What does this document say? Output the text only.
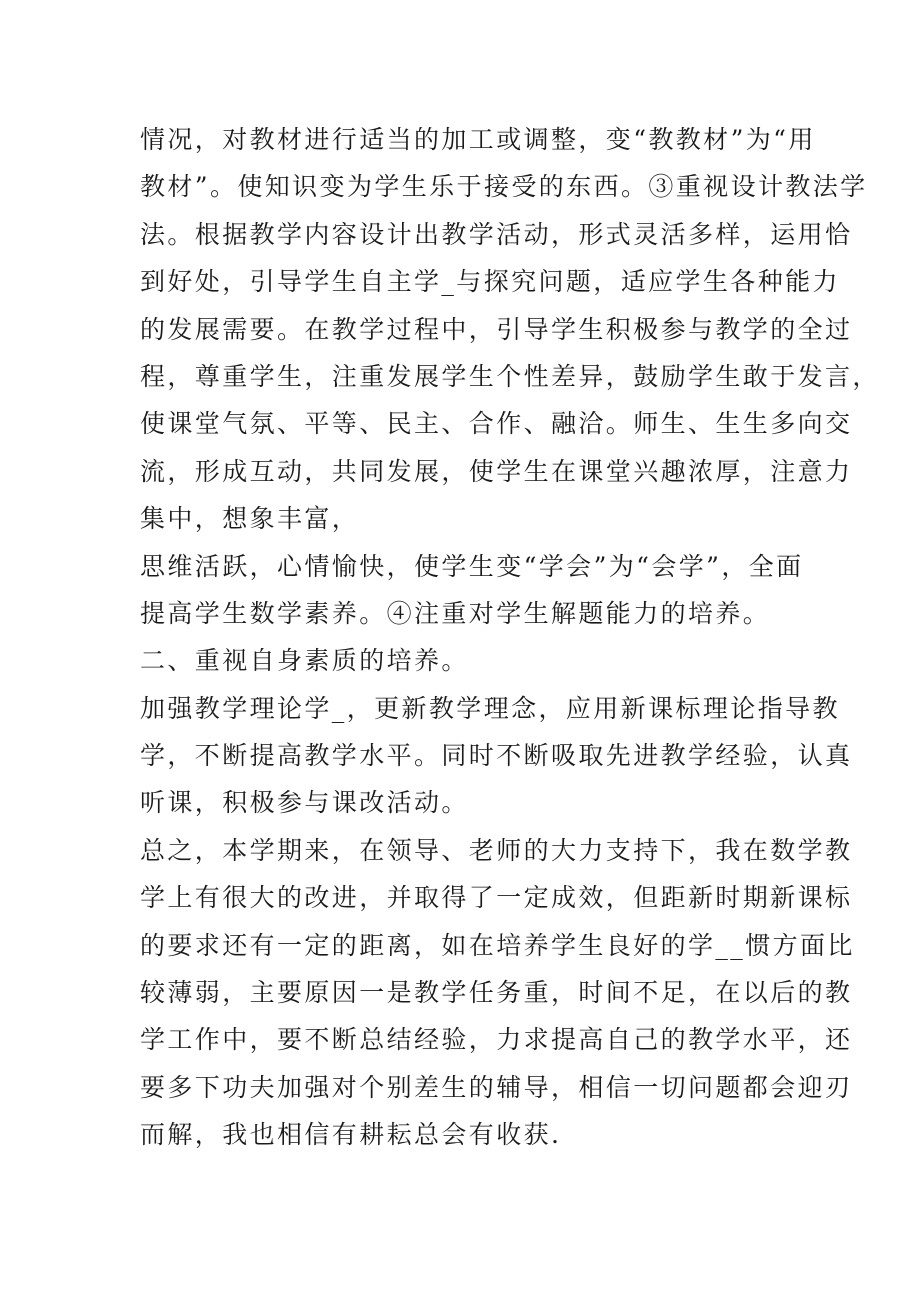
情况，对教材进行适当的加工或调整，变“教教材”为“用
教材”。使知识变为学生乐于接受的东西。③重视设计教法学
法。根据教学内容设计出教学活动，形式灵活多样，运用恰
到好处，引导学生自主学_与探究问题，适应学生各种能力
的发展需要。在教学过程中，引导学生积极参与教学的全过
程，尊重学生，注重发展学生个性差异，鼓励学生敢于发言，
使课堂气氛、平等、民主、合作、融洽。师生、生生多向交
流，形成互动，共同发展，使学生在课堂兴趣浓厚，注意力
集中，想象丰富，

思维活跃，心情愉快，使学生变“学会”为“会学”，全面
提高学生数学素养。④注重对学生解题能力的培养。

二、重视自身素质的培养。

加强教学理论学_，更新教学理念，应用新课标理论指导教
学，不断提高教学水平。同时不断吸取先进教学经验，认真
听课，积极参与课改活动。

总之，本学期来，在领导、老师的大力支持下，我在数学教
学上有很大的改进，并取得了一定成效，但距新时期新课标
的要求还有一定的距离，如在培养学生良好的学__惯方面比
较薄弱，主要原因一是教学任务重，时间不足，在以后的教
学工作中，要不断总结经验，力求提高自己的教学水平，还
要多下功夫加强对个别差生的辅导，相信一切问题都会迎刃
而解，我也相信有耕耘总会有收获.
